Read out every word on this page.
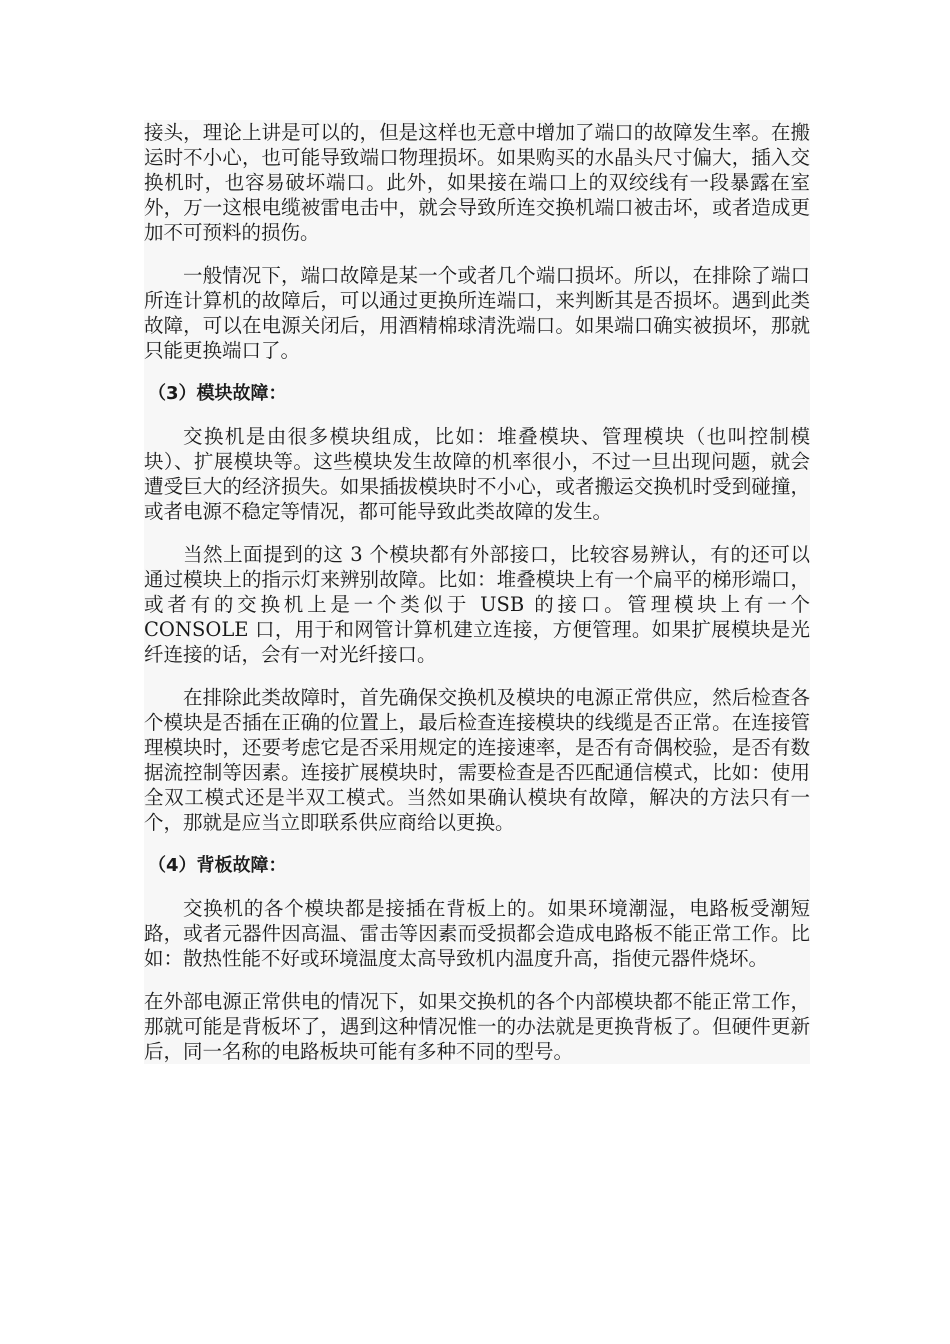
接头，理论上讲是可以的，但是这样也无意中增加了端口的故障发生率。在搬运时不小心，也可能导致端口物理损坏。如果购买的水晶头尺寸偏大，插入交换机时，也容易破坏端口。此外，如果接在端口上的双绞线有一段暴露在室外，万一这根电缆被雷电击中，就会导致所连交换机端口被击坏，或者造成更加不可预料的损伤。

一般情况下，端口故障是某一个或者几个端口损坏。所以，在排除了端口所连计算机的故障后，可以通过更换所连端口，来判断其是否损坏。遇到此类故障，可以在电源关闭后，用酒精棉球清洗端口。如果端口确实被损坏，那就只能更换端口了。

（3）模块故障：

交换机是由很多模块组成，比如：堆叠模块、管理模块（也叫控制模块）、扩展模块等。这些模块发生故障的机率很小，不过一旦出现问题，就会遭受巨大的经济损失。如果插拔模块时不小心，或者搬运交换机时受到碰撞，或者电源不稳定等情况，都可能导致此类故障的发生。

当然上面提到的这 3 个模块都有外部接口，比较容易辨认，有的还可以通过模块上的指示灯来辨别故障。比如：堆叠模块上有一个扁平的梯形端口，或者有的交换机上是一个类似于 USB 的接口。管理模块上有一个 CONSOLE 口，用于和网管计算机建立连接，方便管理。如果扩展模块是光纤连接的话，会有一对光纤接口。

在排除此类故障时，首先确保交换机及模块的电源正常供应，然后检查各个模块是否插在正确的位置上，最后检查连接模块的线缆是否正常。在连接管理模块时，还要考虑它是否采用规定的连接速率，是否有奇偶校验，是否有数据流控制等因素。连接扩展模块时，需要检查是否匹配通信模式，比如：使用全双工模式还是半双工模式。当然如果确认模块有故障，解决的方法只有一个，那就是应当立即联系供应商给以更换。

（4）背板故障：

交换机的各个模块都是接插在背板上的。如果环境潮湿，电路板受潮短路，或者元器件因高温、雷击等因素而受损都会造成电路板不能正常工作。比如：散热性能不好或环境温度太高导致机内温度升高，指使元器件烧坏。

在外部电源正常供电的情况下，如果交换机的各个内部模块都不能正常工作，那就可能是背板坏了，遇到这种情况惟一的办法就是更换背板了。但硬件更新后，同一名称的电路板块可能有多种不同的型号。
